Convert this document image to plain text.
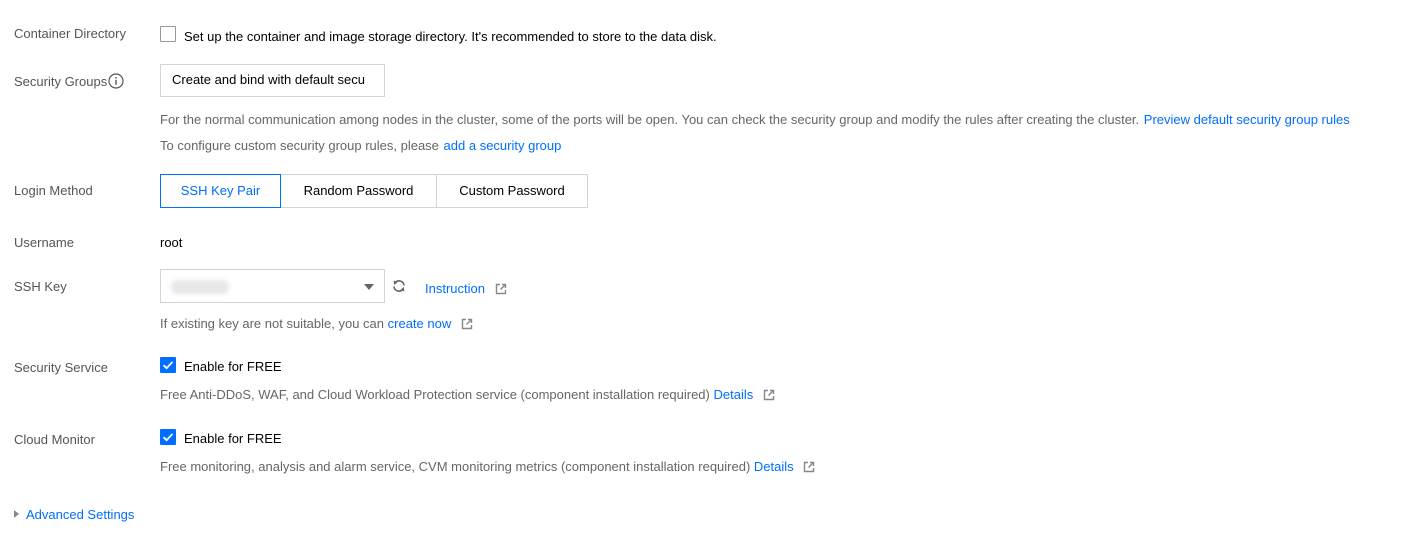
Container Directory	Set up the container and image storage directory. It's recommended to store to the data disk.
Security Groups	Create and bind with default secu
For the normal communication among nodes in the cluster, some of the ports will be open. You can check the security group and modify the rules after creating the cluster. Preview default security group rules
To configure custom security group rules, please add a security group
Login Method	SSH Key Pair	Random Password	Custom Password
Username	root
SSH Key	Instruction
If existing key are not suitable, you can create now
Security Service	Enable for FREE
Free Anti-DDoS, WAF, and Cloud Workload Protection service (component installation required) Details
Cloud Monitor	Enable for FREE
Free monitoring, analysis and alarm service, CVM monitoring metrics (component installation required) Details
Advanced Settings
